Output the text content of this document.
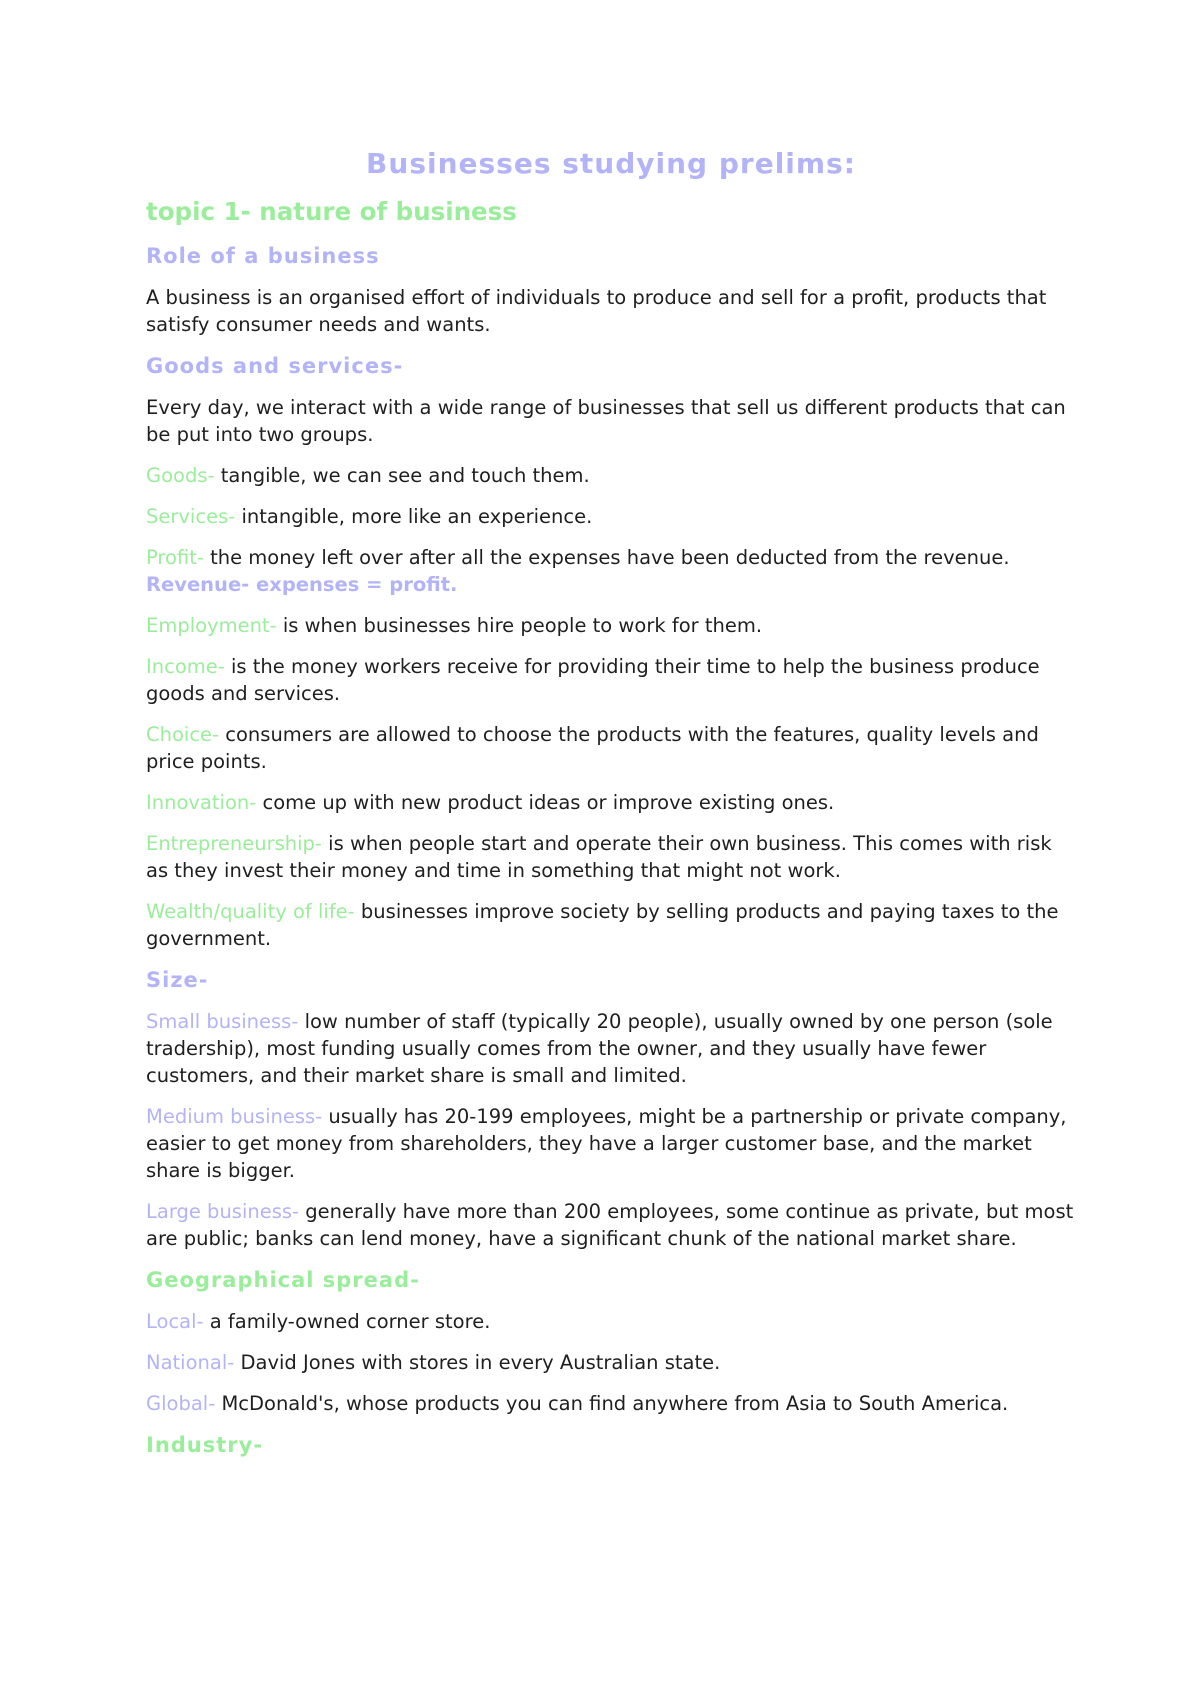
Businesses studying prelims:
topic 1- nature of business
Role of a business

A business is an organised effort of individuals to produce and sell for a profit, products that satisfy consumer needs and wants.

Goods and services-

Every day, we interact with a wide range of businesses that sell us different products that can be put into two groups.

Goods- tangible, we can see and touch them.

Services- intangible, more like an experience.

Profit- the money left over after all the expenses have been deducted from the revenue.
Revenue- expenses = profit.

Employment- is when businesses hire people to work for them.

Income- is the money workers receive for providing their time to help the business produce goods and services.

Choice- consumers are allowed to choose the products with the features, quality levels and price points.

Innovation- come up with new product ideas or improve existing ones.

Entrepreneurship- is when people start and operate their own business. This comes with risk as they invest their money and time in something that might not work.

Wealth/quality of life- businesses improve society by selling products and paying taxes to the government.

Size-

Small business- low number of staff (typically 20 people), usually owned by one person (sole tradership), most funding usually comes from the owner, and they usually have fewer customers, and their market share is small and limited.

Medium business- usually has 20-199 employees, might be a partnership or private company, easier to get money from shareholders, they have a larger customer base, and the market share is bigger.

Large business- generally have more than 200 employees, some continue as private, but most are public; banks can lend money, have a significant chunk of the national market share.

Geographical spread-

Local- a family-owned corner store.

National- David Jones with stores in every Australian state.

Global- McDonald's, whose products you can find anywhere from Asia to South America.

Industry-
